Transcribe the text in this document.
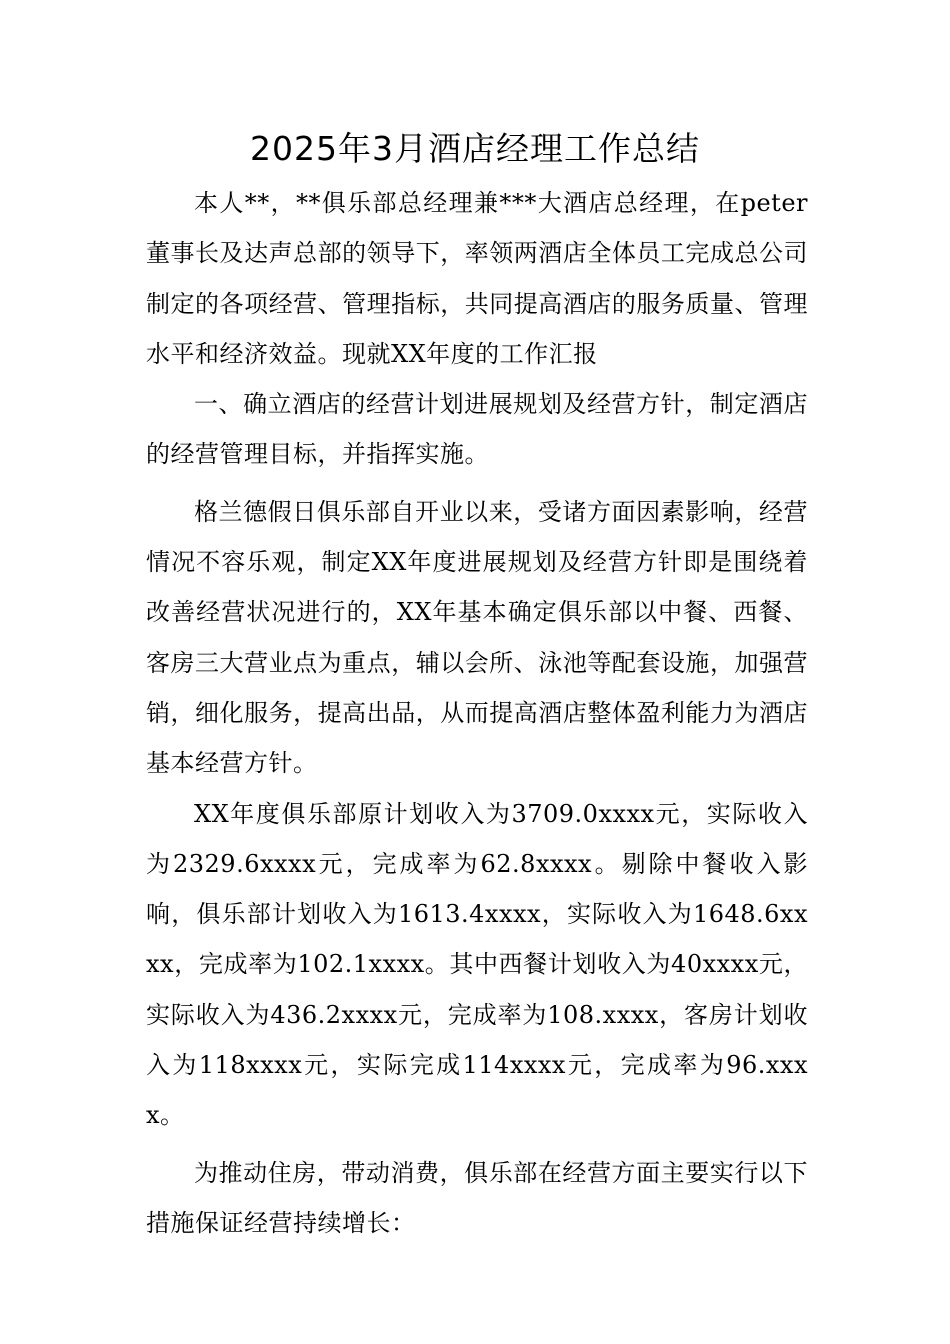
2025年3月酒店经理工作总结

本人**，**俱乐部总经理兼***大酒店总经理，在peter董事长及达声总部的领导下，率领两酒店全体员工完成总公司制定的各项经营、管理指标，共同提高酒店的服务质量、管理水平和经济效益。现就XX年度的工作汇报

一、确立酒店的经营计划进展规划及经营方针，制定酒店的经营管理目标，并指挥实施。

格兰德假日俱乐部自开业以来，受诸方面因素影响，经营情况不容乐观，制定XX年度进展规划及经营方针即是围绕着改善经营状况进行的，XX年基本确定俱乐部以中餐、西餐、客房三大营业点为重点，辅以会所、泳池等配套设施，加强营销，细化服务，提高出品，从而提高酒店整体盈利能力为酒店基本经营方针。

XX年度俱乐部原计划收入为3709.0xxxx元，实际收入为2329.6xxxx元，完成率为62.8xxxx。剔除中餐收入影响，俱乐部计划收入为1613.4xxxx，实际收入为1648.6xxxx，完成率为102.1xxxx。其中西餐计划收入为40xxxx元，实际收入为436.2xxxx元，完成率为108.xxxx，客房计划收入为118xxxx元，实际完成114xxxx元，完成率为96.xxxx。

为推动住房，带动消费，俱乐部在经营方面主要实行以下措施保证经营持续增长：
